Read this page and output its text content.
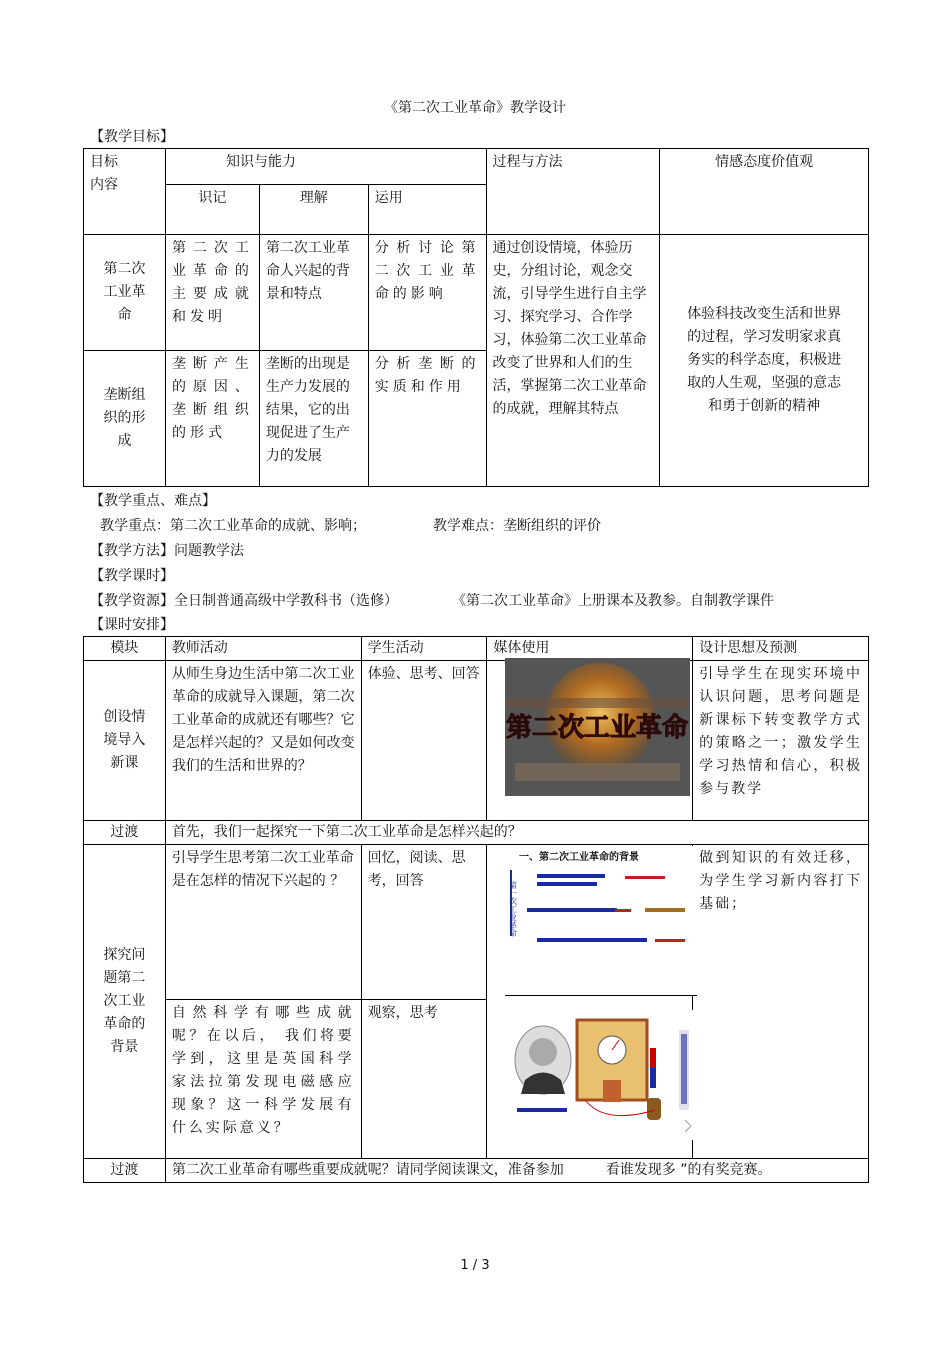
《第二次工业革命》教学设计
【教学目标】
目标
内容	知识与能力			过程与方法	情感态度价值观
	识记	理解	运用		

第二次工业革命	第二次工业革命的主要成就和发明	第二次工业革命人兴起的背景和特点	分析讨论第二次工业革命的影响	通过创设情境，体验历史，分组讨论，观念交流，引导学生进行自主学习、探究学习、合作学习，体验第二次工业革命改变了世界和人们的生活，掌握第二次工业革命的成就，理解其特点	体验科技改变生活和世界的过程，学习发明家求真务实的科学态度，积极进取的人生观，坚强的意志和勇于创新的精神

垄断组织的形成	垄断产生的原因、垄断组织的形式	垄断的出现是生产力发展的结果，它的出现促进了生产力的发展	分析垄断的实质和作用		
【教学重点、难点】
教学重点：第二次工业革命的成就、影响；	教学难点：垄断组织的评价
【教学方法】问题教学法
【教学课时】
【教学资源】全日制普通高级中学教科书（选修）	《第二次工业革命》上册课本及教参。自制教学课件
【课时安排】
模块	教师活动	学生活动	媒体使用	设计思想及预测

创设情境导入新课	从师生身边生活中第二次工业革命的成就导入课题，第二次工业革命的成就还有哪些？它是怎样兴起的？又是如何改变我们的生活和世界的？	体验、思考、回答		引导学生在现实环境中认识问题，思考问题是新课标下转变教学方式的策略之一；激发学生学习热情和信心，积极参与教学
过渡	首先，我们一起探究一下第二次工业革命是怎样兴起的？			

探究问题第二次工业革命的背景	引导学生思考第二次工业革命是在怎样的情况下兴起的 ？	回忆，阅读、思考，回答		做到知识的有效迁移，为学生学习新内容打下基础；
	自然科学有哪些成就呢？在以后， 我们将要学到，这里是英国科学家法拉第发现电磁感应现象？这一科学发展有什么实际意义？	观察，思考		
过渡	第二次工业革命有哪些重要成就呢？请同学阅读课文，准备参加　　　看谁发现多 ”的有奖竞赛。			
第二次工业革命
一、第二次工业革命的背景
第一次工业革命
1 / 3
